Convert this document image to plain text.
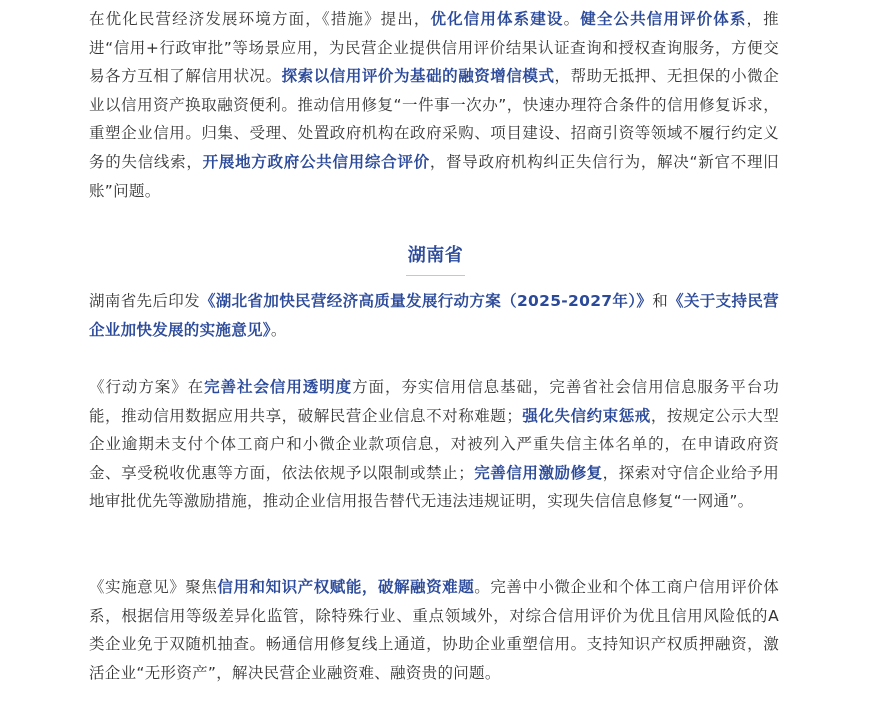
在优化民营经济发展环境方面，《措施》提出，优化信用体系建设。健全公共信用评价体系，推进“信用+行政审批”等场景应用，为民营企业提供信用评价结果认证查询和授权查询服务，方便交易各方互相了解信用状况。探索以信用评价为基础的融资增信模式，帮助无抵押、无担保的小微企业以信用资产换取融资便利。推动信用修复“一件事一次办”，快速办理符合条件的信用修复诉求，重塑企业信用。归集、受理、处置政府机构在政府采购、项目建设、招商引资等领域不履行约定义务的失信线索，开展地方政府公共信用综合评价，督导政府机构纠正失信行为，解决“新官不理旧账”问题。

湖南省

湖南省先后印发《湖北省加快民营经济高质量发展行动方案（2025-2027年）》和《关于支持民营企业加快发展的实施意见》。

《行动方案》在完善社会信用透明度方面，夯实信用信息基础，完善省社会信用信息服务平台功能，推动信用数据应用共享，破解民营企业信息不对称难题；强化失信约束惩戒，按规定公示大型企业逾期未支付个体工商户和小微企业款项信息，对被列入严重失信主体名单的，在申请政府资金、享受税收优惠等方面，依法依规予以限制或禁止；完善信用激励修复，探索对守信企业给予用地审批优先等激励措施，推动企业信用报告替代无违法违规证明，实现失信信息修复“一网通”。

《实施意见》聚焦信用和知识产权赋能，破解融资难题。完善中小微企业和个体工商户信用评价体系，根据信用等级差异化监管，除特殊行业、重点领域外，对综合信用评价为优且信用风险低的A类企业免于双随机抽查。畅通信用修复线上通道，协助企业重塑信用。支持知识产权质押融资，激活企业“无形资产”，解决民营企业融资难、融资贵的问题。
